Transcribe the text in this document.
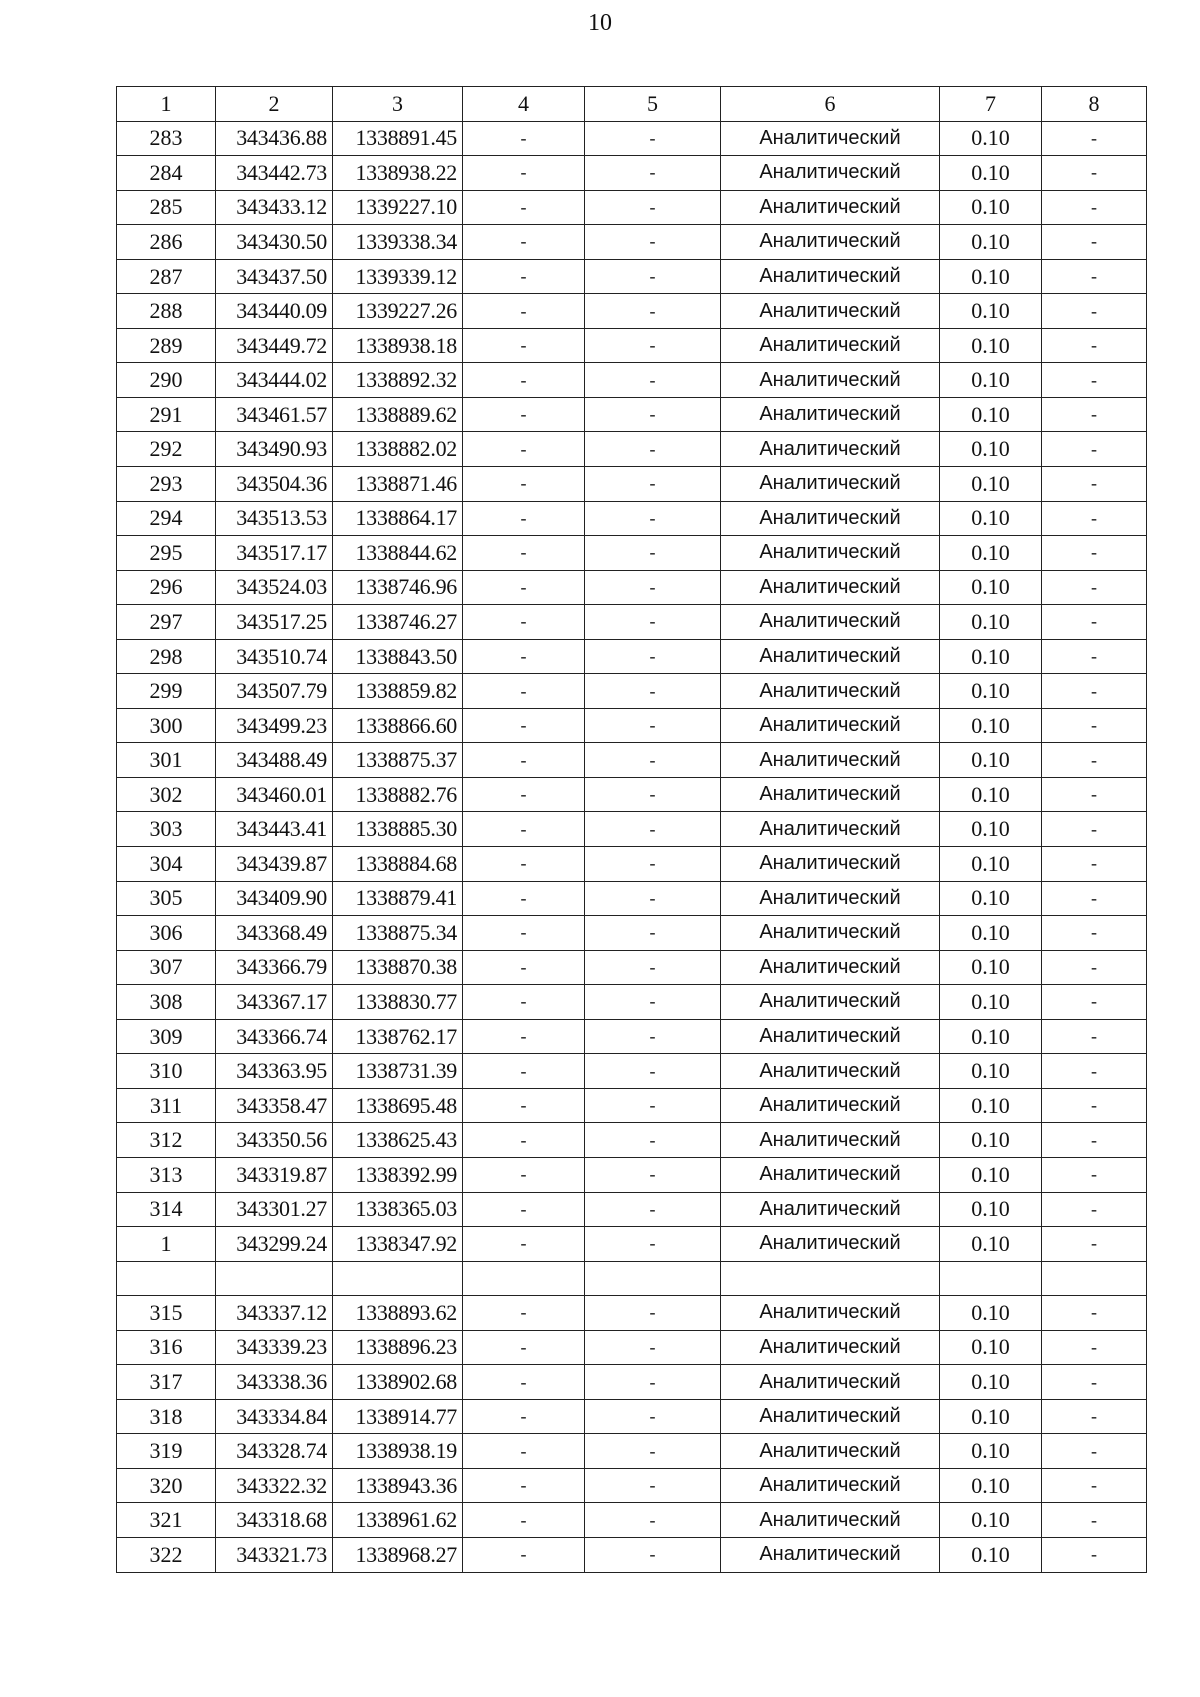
10
1	2	3	4	5	6	7	8
283	343436.88	1338891.45	-	-	Аналитический	0.10	-
284	343442.73	1338938.22	-	-	Аналитический	0.10	-
285	343433.12	1339227.10	-	-	Аналитический	0.10	-
286	343430.50	1339338.34	-	-	Аналитический	0.10	-
287	343437.50	1339339.12	-	-	Аналитический	0.10	-
288	343440.09	1339227.26	-	-	Аналитический	0.10	-
289	343449.72	1338938.18	-	-	Аналитический	0.10	-
290	343444.02	1338892.32	-	-	Аналитический	0.10	-
291	343461.57	1338889.62	-	-	Аналитический	0.10	-
292	343490.93	1338882.02	-	-	Аналитический	0.10	-
293	343504.36	1338871.46	-	-	Аналитический	0.10	-
294	343513.53	1338864.17	-	-	Аналитический	0.10	-
295	343517.17	1338844.62	-	-	Аналитический	0.10	-
296	343524.03	1338746.96	-	-	Аналитический	0.10	-
297	343517.25	1338746.27	-	-	Аналитический	0.10	-
298	343510.74	1338843.50	-	-	Аналитический	0.10	-
299	343507.79	1338859.82	-	-	Аналитический	0.10	-
300	343499.23	1338866.60	-	-	Аналитический	0.10	-
301	343488.49	1338875.37	-	-	Аналитический	0.10	-
302	343460.01	1338882.76	-	-	Аналитический	0.10	-
303	343443.41	1338885.30	-	-	Аналитический	0.10	-
304	343439.87	1338884.68	-	-	Аналитический	0.10	-
305	343409.90	1338879.41	-	-	Аналитический	0.10	-
306	343368.49	1338875.34	-	-	Аналитический	0.10	-
307	343366.79	1338870.38	-	-	Аналитический	0.10	-
308	343367.17	1338830.77	-	-	Аналитический	0.10	-
309	343366.74	1338762.17	-	-	Аналитический	0.10	-
310	343363.95	1338731.39	-	-	Аналитический	0.10	-
311	343358.47	1338695.48	-	-	Аналитический	0.10	-
312	343350.56	1338625.43	-	-	Аналитический	0.10	-
313	343319.87	1338392.99	-	-	Аналитический	0.10	-
314	343301.27	1338365.03	-	-	Аналитический	0.10	-
1	343299.24	1338347.92	-	-	Аналитический	0.10	-

315	343337.12	1338893.62	-	-	Аналитический	0.10	-
316	343339.23	1338896.23	-	-	Аналитический	0.10	-
317	343338.36	1338902.68	-	-	Аналитический	0.10	-
318	343334.84	1338914.77	-	-	Аналитический	0.10	-
319	343328.74	1338938.19	-	-	Аналитический	0.10	-
320	343322.32	1338943.36	-	-	Аналитический	0.10	-
321	343318.68	1338961.62	-	-	Аналитический	0.10	-
322	343321.73	1338968.27	-	-	Аналитический	0.10	-
